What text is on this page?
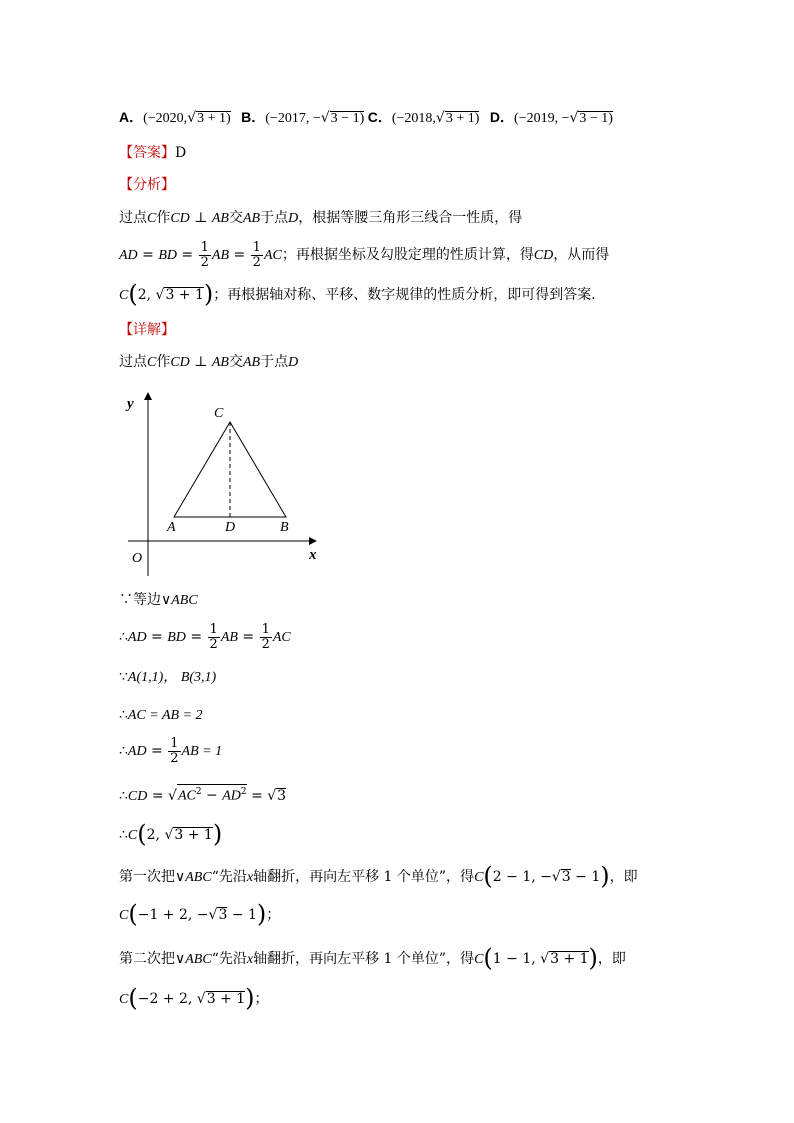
A．(−2020,√3 + 1) B．(−2017, −√3 − 1) C．(−2018,√3 + 1) D．(−2019, −√3 − 1)
【答案】D
【分析】
过点C作CD ⊥ AB交AB于点D，根据等腰三角形三线合一性质，得
AD = BD = $\frac{1}{2}$ AB = $\frac{1}{2}$ AC；再根据坐标及勾股定理的性质计算，得CD，从而得
C(2, √3 + 1)；再根据轴对称、平移、数字规律的性质分析，即可得到答案．
【详解】
过点C作CD ⊥ AB交AB于点D
y
x
O
A	B
C
D
∵等边∨ABC
∴AD = BD = $\frac{1}{2}$ AB = $\frac{1}{2}$ AC
∵A(1,1)， B(3,1)
∴AC = AB = 2
∴AD = $\frac{1}{2}$ AB = 1
∴CD = $√AC^2 - AD^2 = √3$
∴C(2, √3 + 1)
第一次把∨ABC“先沿x轴翻折，再向左平移 1 个单位”，得C(2 − 1, −√3 − 1)，即
C(−1 + 2, −√3 − 1)；
第二次把∨ABC“先沿x轴翻折，再向左平移 1 个单位”，得C(1 − 1, √3 + 1)，即
C(−2 + 2, √3 + 1)；
